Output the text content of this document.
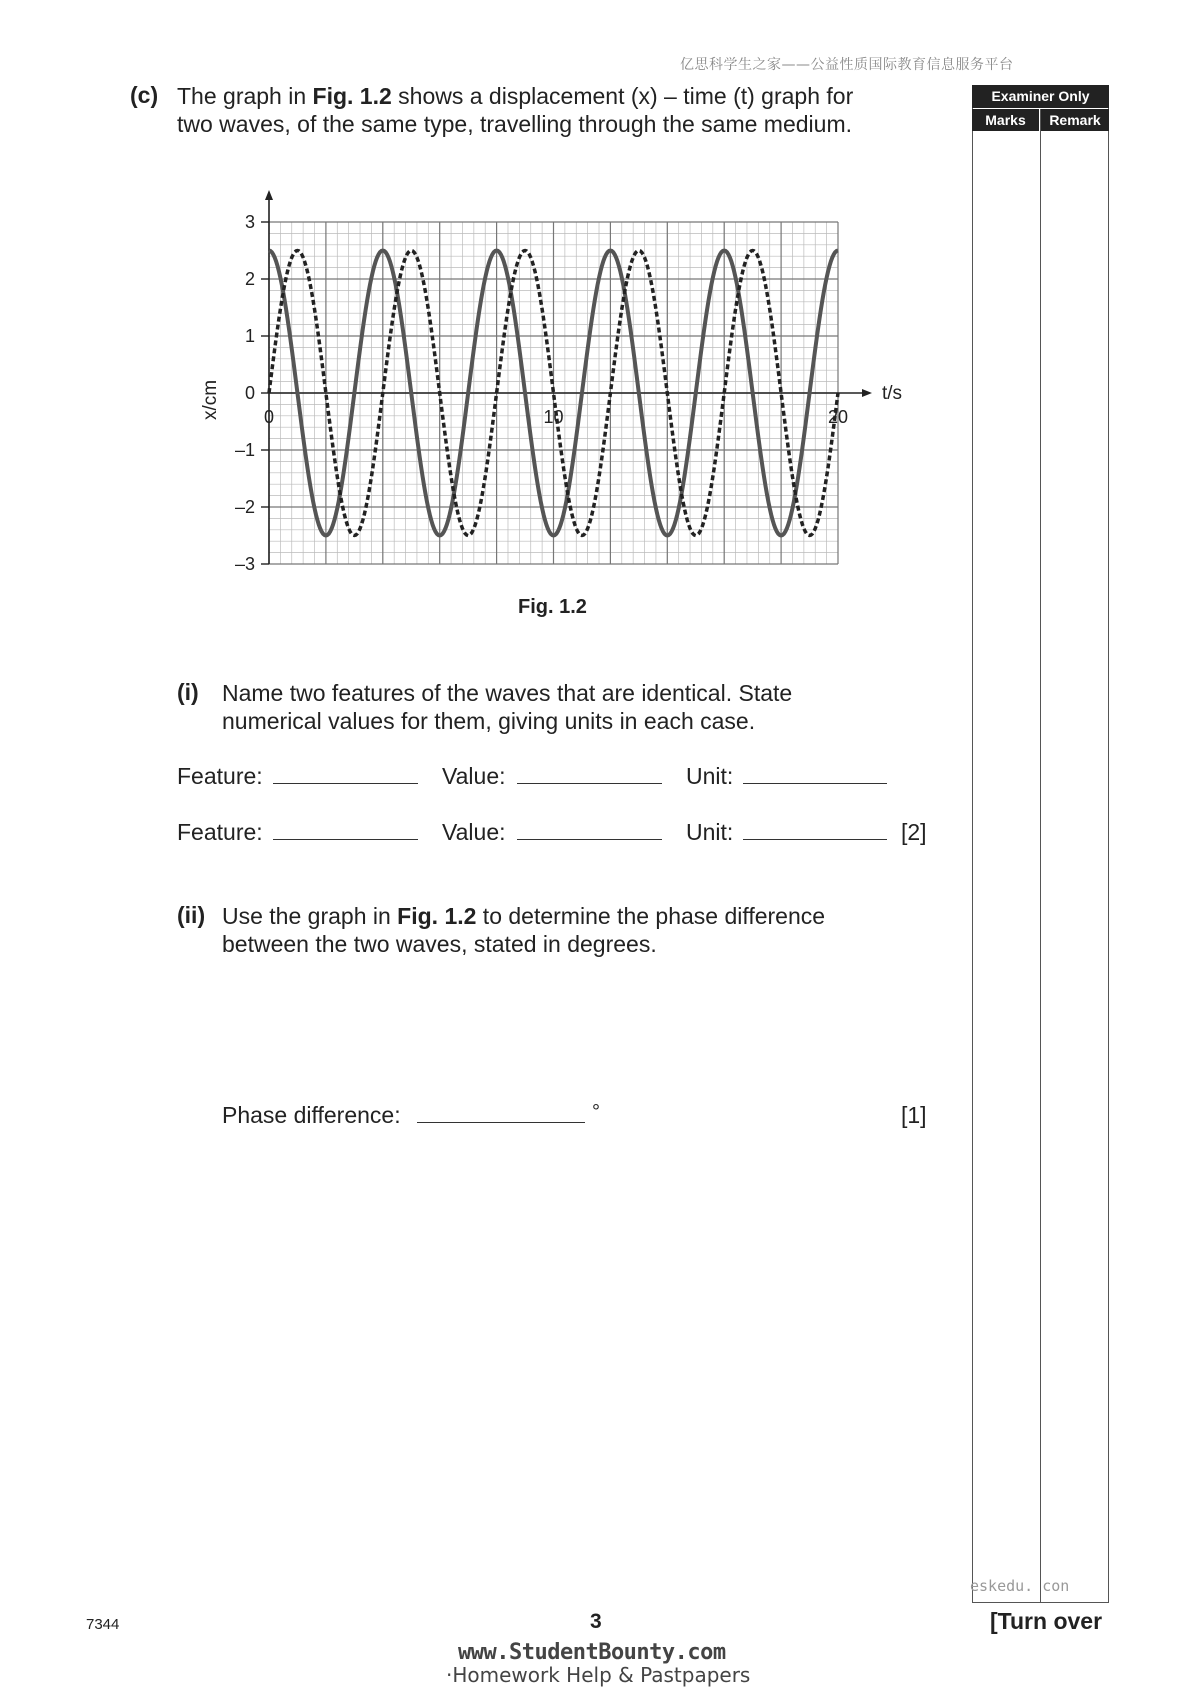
亿思科学生之家——公益性质国际教育信息服务平台
Examiner Only
Marks	Remark
(c) The graph in Fig. 1.2 shows a displacement (x) – time (t) graph for
two waves, of the same type, travelling through the same medium.
3
2
1
0
–1
–2
–3
0	10	20
x/cm	t/s
Fig. 1.2
(i) Name two features of the waves that are identical. State
numerical values for them, giving units in each case.
Feature:	Value:	Unit:
Feature:	Value:	Unit:	[2]
(ii) Use the graph in Fig. 1.2 to determine the phase difference
between the two waves, stated in degrees.
Phase difference:	°	[1]
eskedu. con
7344	3	[Turn over
www.StudentBounty.com
·Homework Help & Pastpapers
